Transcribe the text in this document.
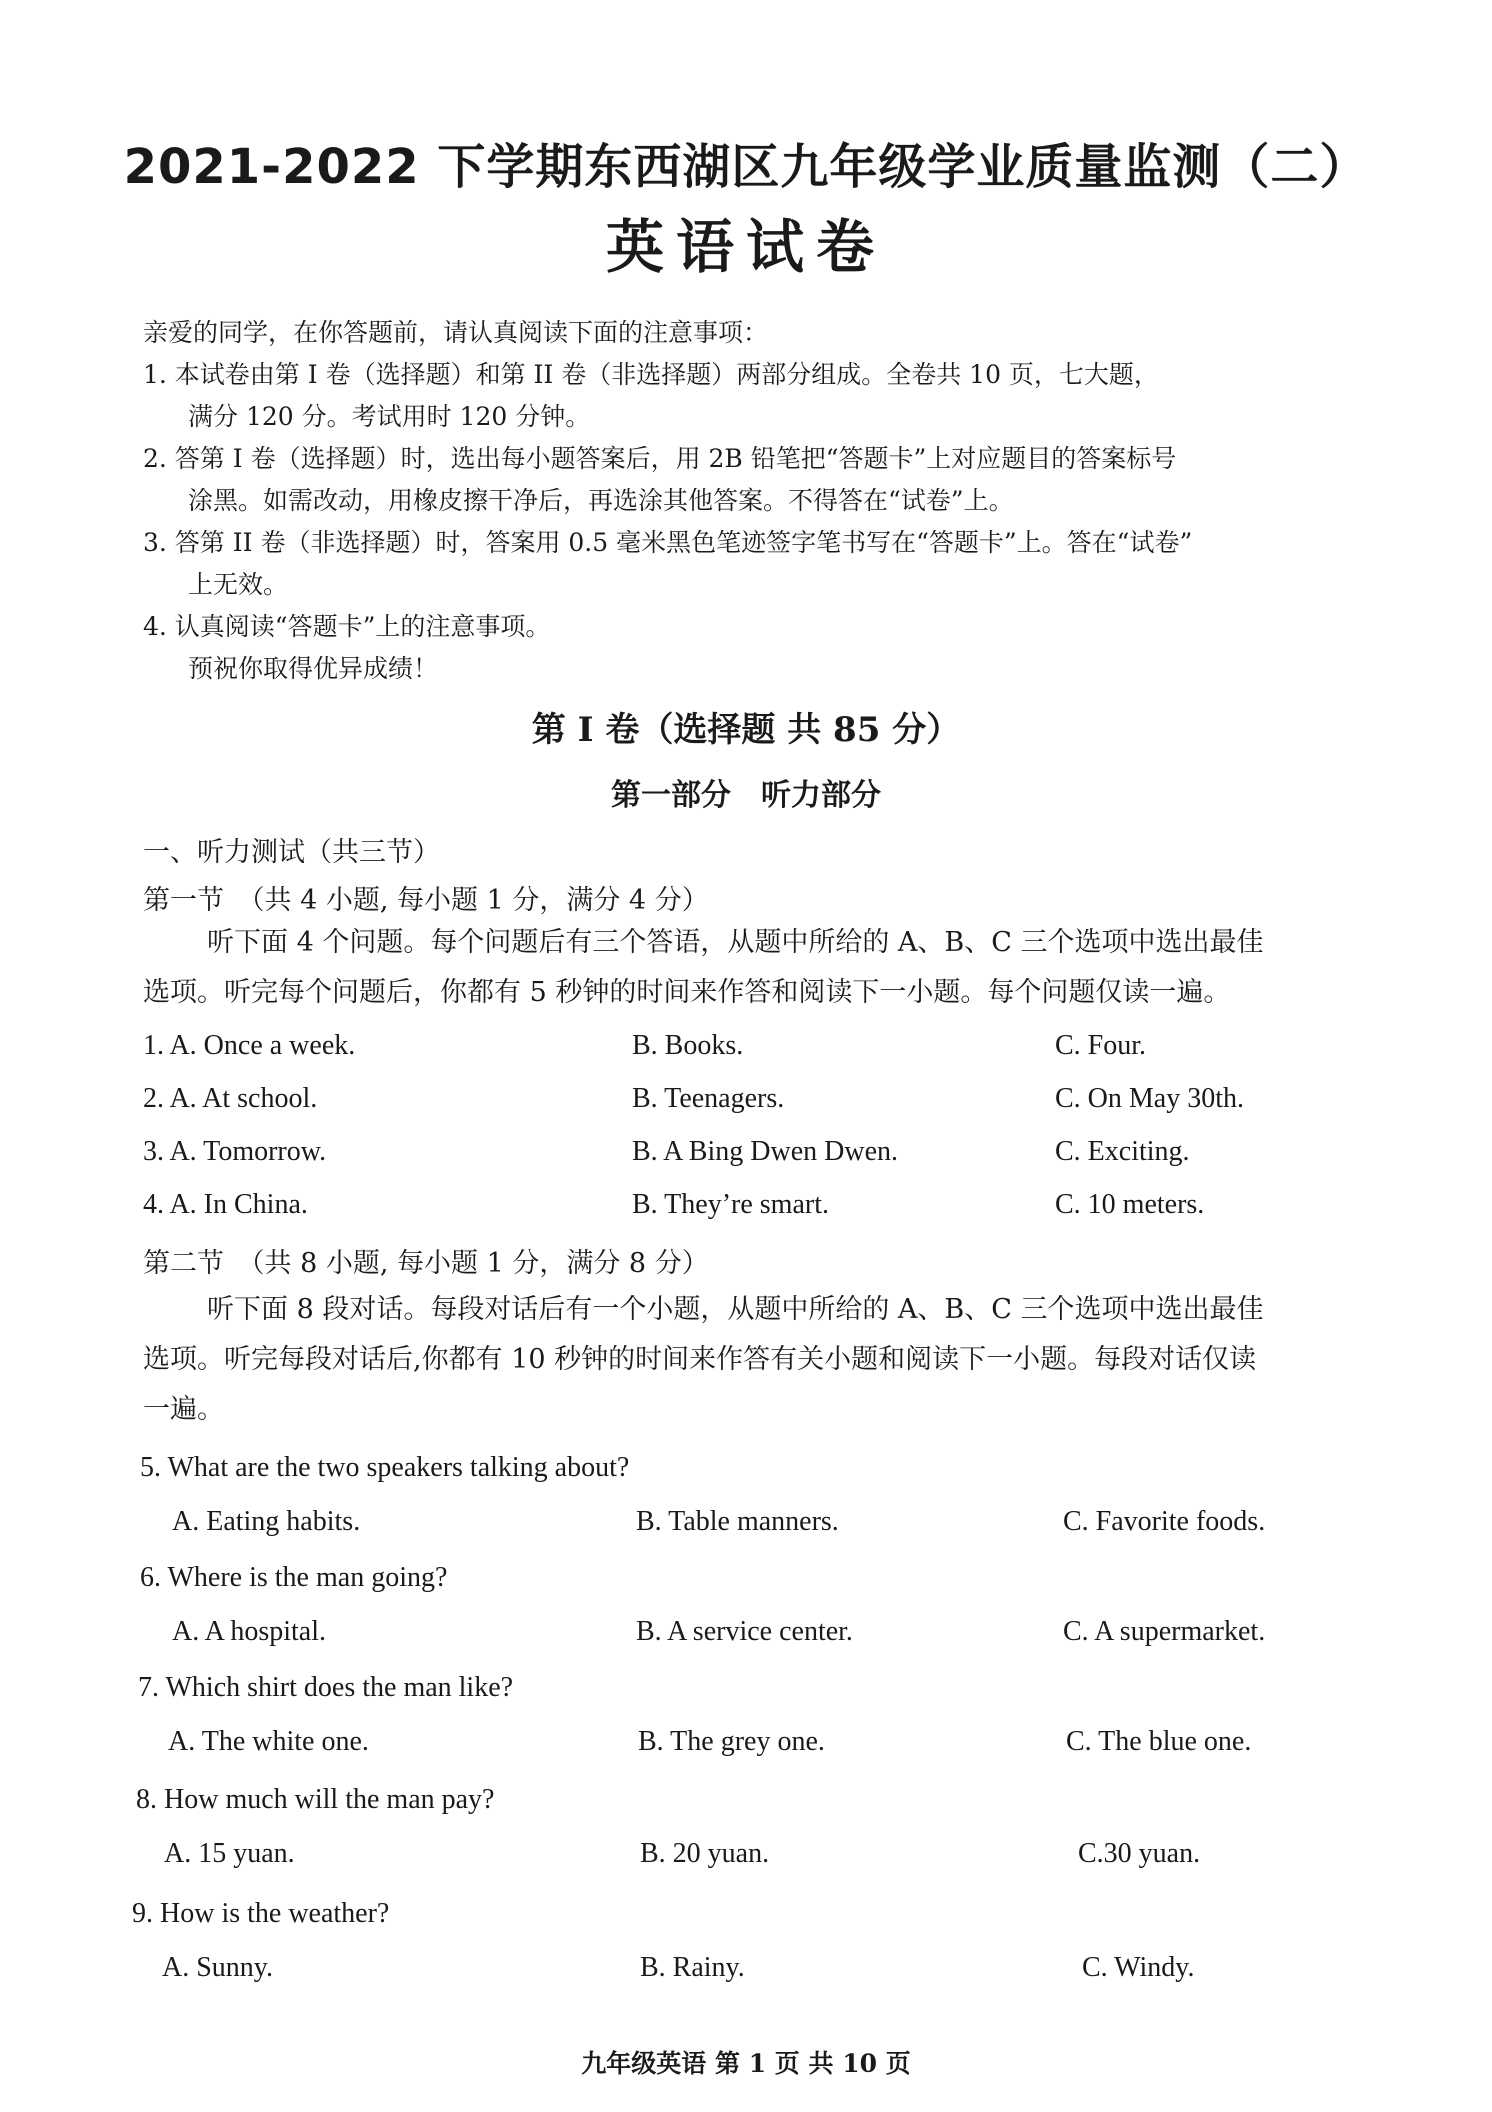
2021-2022 下学期东西湖区九年级学业质量监测（二）
英语试卷
亲爱的同学，在你答题前，请认真阅读下面的注意事项：
1. 本试卷由第 I 卷（选择题）和第 II 卷（非选择题）两部分组成。全卷共 10 页，七大题，
满分 120 分。考试用时 120 分钟。
2. 答第 I 卷（选择题）时，选出每小题答案后，用 2B 铅笔把“答题卡”上对应题目的答案标号
涂黑。如需改动，用橡皮擦干净后，再选涂其他答案。不得答在“试卷”上。
3. 答第 II 卷（非选择题）时，答案用 0.5 毫米黑色笔迹签字笔书写在“答题卡”上。答在“试卷”
上无效。
4. 认真阅读“答题卡”上的注意事项。
预祝你取得优异成绩！
第 I 卷（选择题 共 85 分）
第一部分　听力部分
一、听力测试（共三节）
第一节　（共 4 小题, 每小题 1 分，满分 4 分）
听下面 4 个问题。每个问题后有三个答语，从题中所给的 A、B、C 三个选项中选出最佳
选项。听完每个问题后，你都有 5 秒钟的时间来作答和阅读下一小题。每个问题仅读一遍。
1. A. Once a week.	B. Books.	C. Four.
2. A. At school.	B. Teenagers.	C. On May 30th.
3. A. Tomorrow.	B. A Bing Dwen Dwen.	C. Exciting.
4. A. In China.	B. They’re smart.	C. 10 meters.
第二节　（共 8 小题, 每小题 1 分，满分 8 分）
听下面 8 段对话。每段对话后有一个小题，从题中所给的 A、B、C 三个选项中选出最佳
选项。听完每段对话后,你都有 10 秒钟的时间来作答有关小题和阅读下一小题。每段对话仅读
一遍。
5. What are the two speakers talking about?
A. Eating habits.	B. Table manners.	C. Favorite foods.
6. Where is the man going?
A. A hospital.	B. A service center.	C. A supermarket.
7. Which shirt does the man like?
A. The white one.	B. The grey one.	C. The blue one.
8. How much will the man pay?
A. 15 yuan.	B. 20 yuan.	C.30 yuan.
9. How is the weather?
A. Sunny.	B. Rainy.	C. Windy.
九年级英语 第 1 页 共 10 页
